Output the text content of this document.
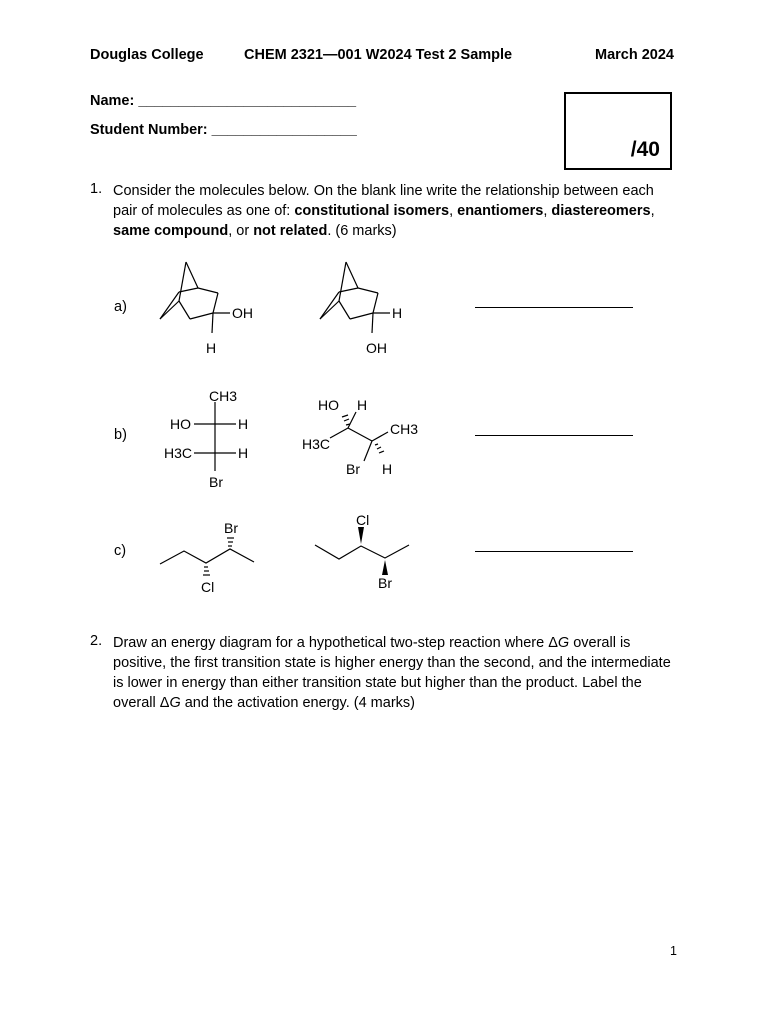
Douglas College	CHEM 2321—001 W2024 Test 2 Sample	March 2024
Name: ___________________________
Student Number: __________________
/40
1. Consider the molecules below. On the blank line write the relationship between each pair of molecules as one of: constitutional isomers, enantiomers, diastereomers, same compound, or not related. (6 marks)
a)
b)
c)
OH
H
H
OH
CH3
HO	H
H3C	H
Br
HO H
CH3
H3C
Br H
Br
Cl
Cl
Br
2. Draw an energy diagram for a hypothetical two-step reaction where ΔG overall is positive, the first transition state is higher energy than the second, and the intermediate is lower in energy than either transition state but higher than the product. Label the overall ΔG and the activation energy. (4 marks)
1
